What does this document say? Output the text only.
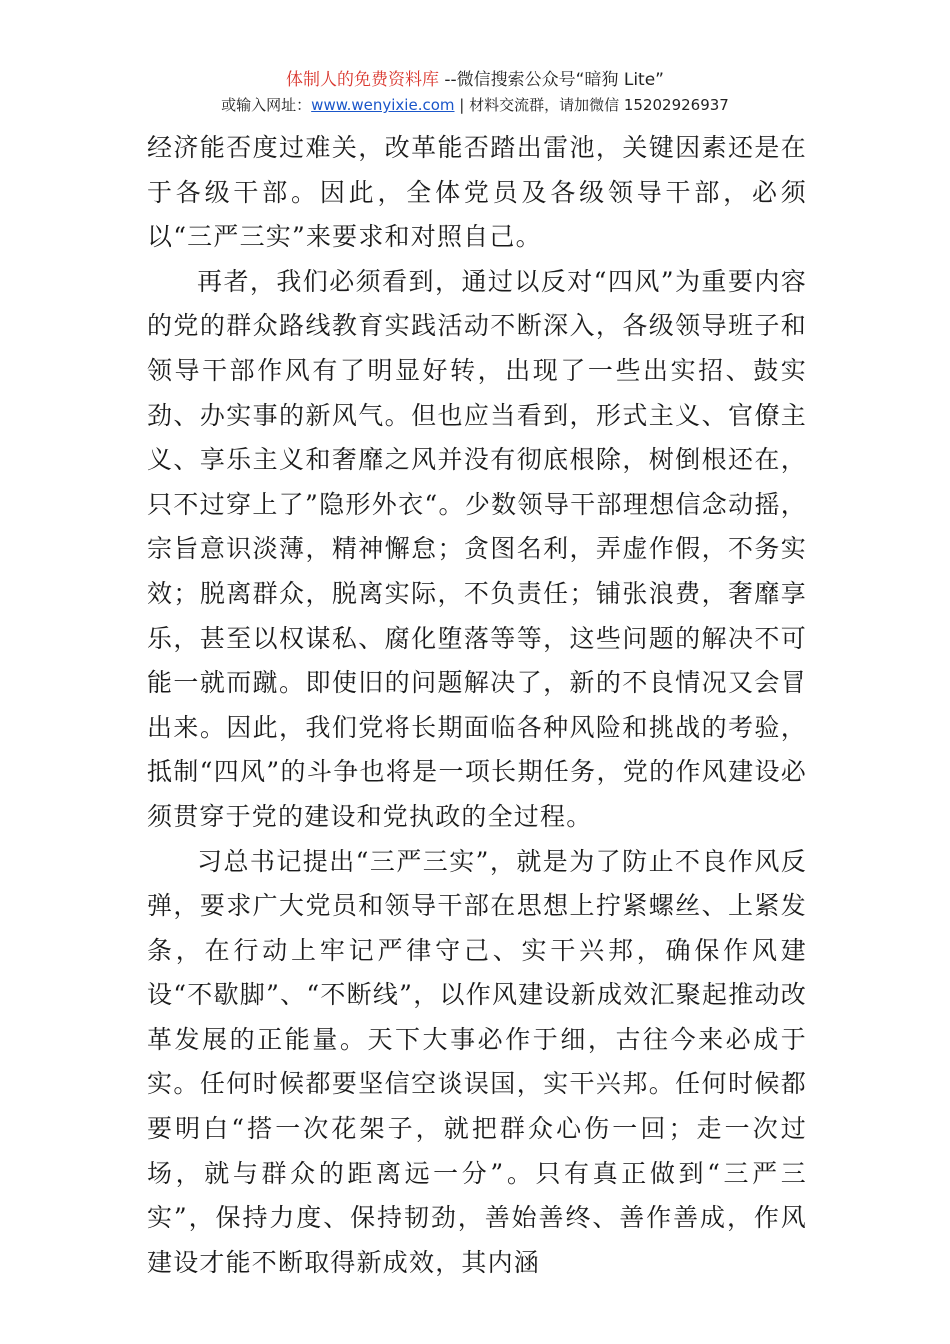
体制人的免费资料库 --微信搜索公众号“暗狗 Lite”
或输入网址：www.wenyixie.com | 材料交流群，请加微信 15202926937

经济能否度过难关，改革能否踏出雷池，关键因素还是在于各级干部。因此，全体党员及各级领导干部，必须以“三严三实”来要求和对照自己。

再者，我们必须看到，通过以反对“四风”为重要内容的党的群众路线教育实践活动不断深入，各级领导班子和领导干部作风有了明显好转，出现了一些出实招、鼓实劲、办实事的新风气。但也应当看到，形式主义、官僚主义、享乐主义和奢靡之风并没有彻底根除，树倒根还在，只不过穿上了”隐形外衣“。少数领导干部理想信念动摇，宗旨意识淡薄，精神懈怠；贪图名利，弄虚作假，不务实效；脱离群众，脱离实际，不负责任；铺张浪费，奢靡享乐，甚至以权谋私、腐化堕落等等，这些问题的解决不可能一就而蹴。即使旧的问题解决了，新的不良情况又会冒出来。因此，我们党将长期面临各种风险和挑战的考验，抵制“四风”的斗争也将是一项长期任务，党的作风建设必须贯穿于党的建设和党执政的全过程。

习总书记提出“三严三实”，就是为了防止不良作风反弹，要求广大党员和领导干部在思想上拧紧螺丝、上紧发条，在行动上牢记严律守己、实干兴邦，确保作风建设“不歇脚”、“不断线”，以作风建设新成效汇聚起推动改革发展的正能量。天下大事必作于细，古往今来必成于实。任何时候都要坚信空谈误国，实干兴邦。任何时候都要明白“搭一次花架子，就把群众心伤一回；走一次过场，就与群众的距离远一分”。只有真正做到“三严三实”，保持力度、保持韧劲，善始善终、善作善成，作风建设才能不断取得新成效，其内涵
